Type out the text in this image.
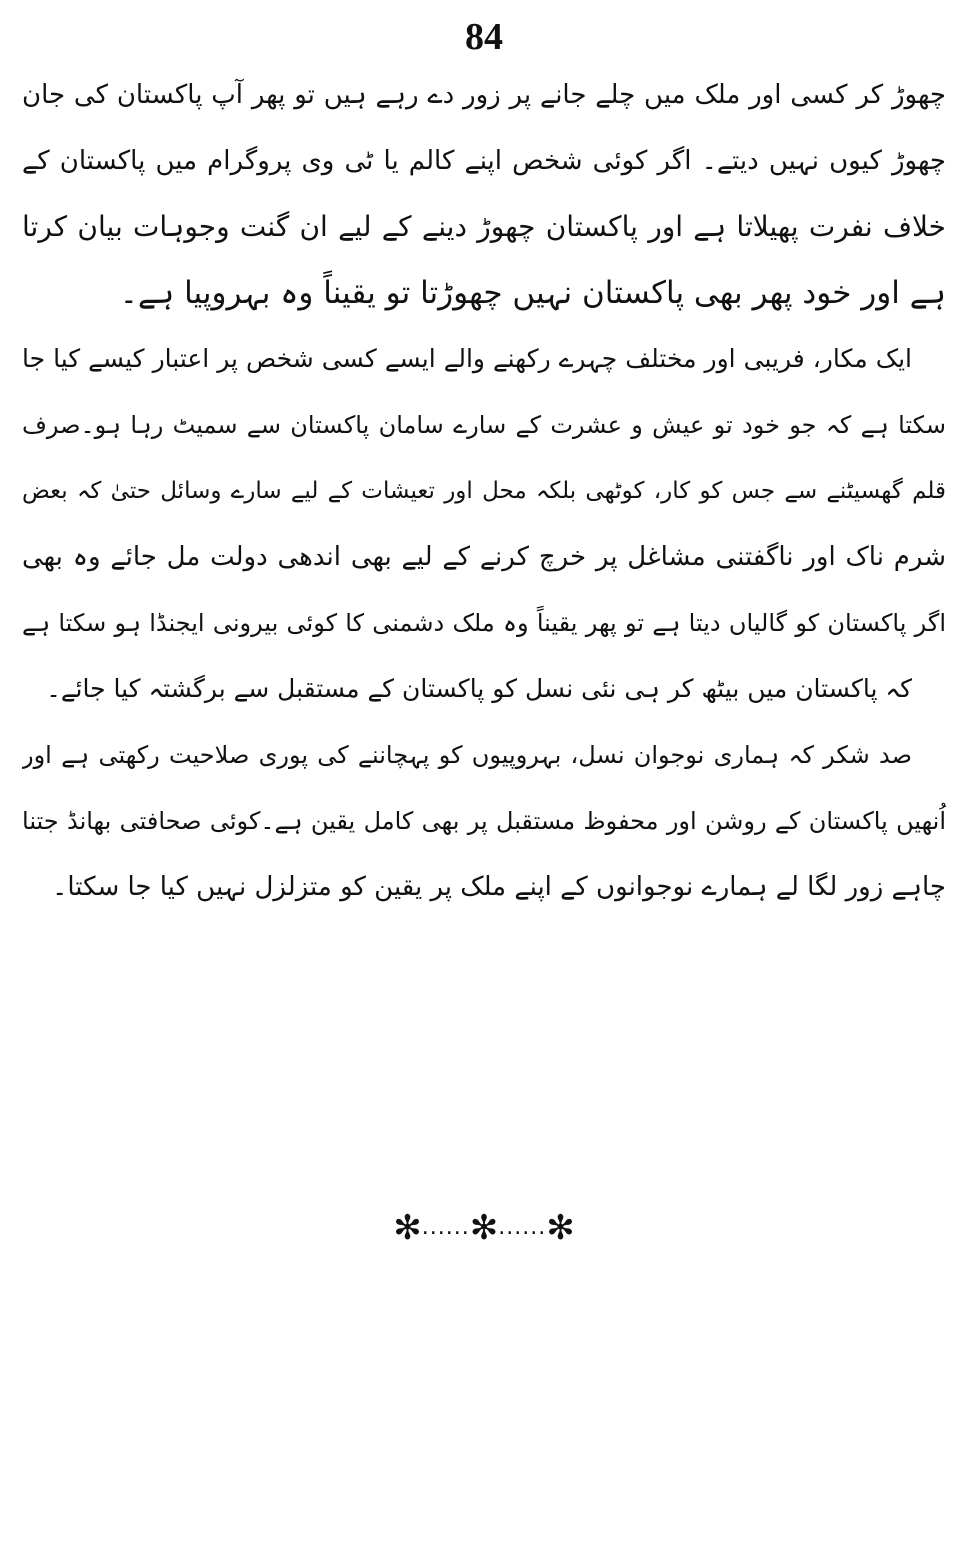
84
چھوڑ کر کسی اور ملک میں چلے جانے پر زور دے رہے ہیں تو پھر آپ پاکستان کی جان
چھوڑ کیوں نہیں دیتے۔ اگر کوئی شخص اپنے کالم یا ٹی وی پروگرام میں پاکستان کے
خلاف نفرت پھیلاتا ہے اور پاکستان چھوڑ دینے کے لیے ان گنت وجوہات بیان کرتا
ہے اور خود پھر بھی پاکستان نہیں چھوڑتا تو یقیناً وہ بہروپیا ہے۔
ایک مکار، فریبی اور مختلف چہرے رکھنے والے ایسے کسی شخص پر اعتبار کیسے کیا جا
سکتا ہے کہ جو خود تو عیش و عشرت کے سارے سامان پاکستان سے سمیٹ رہا ہو۔صرف
قلم گھسیٹنے سے جس کو کار، کوٹھی بلکہ محل اور تعیشات کے لیے سارے وسائل حتیٰ کہ بعض
شرم ناک اور ناگفتنی مشاغل پر خرچ کرنے کے لیے بھی اندھی دولت مل جائے وہ بھی
اگر پاکستان کو گالیاں دیتا ہے تو پھر یقیناً وہ ملک دشمنی کا کوئی بیرونی ایجنڈا ہو سکتا ہے
کہ پاکستان میں بیٹھ کر ہی نئی نسل کو پاکستان کے مستقبل سے برگشتہ کیا جائے۔
صد شکر کہ ہماری نوجوان نسل، بہروپیوں کو پہچاننے کی پوری صلاحیت رکھتی ہے اور
اُنھیں پاکستان کے روشن اور محفوظ مستقبل پر بھی کامل یقین ہے۔کوئی صحافتی بھانڈ جتنا
چاہے زور لگا لے ہمارے نوجوانوں کے اپنے ملک پر یقین کو متزلزل نہیں کیا جا سکتا۔
✻......✻......✻
